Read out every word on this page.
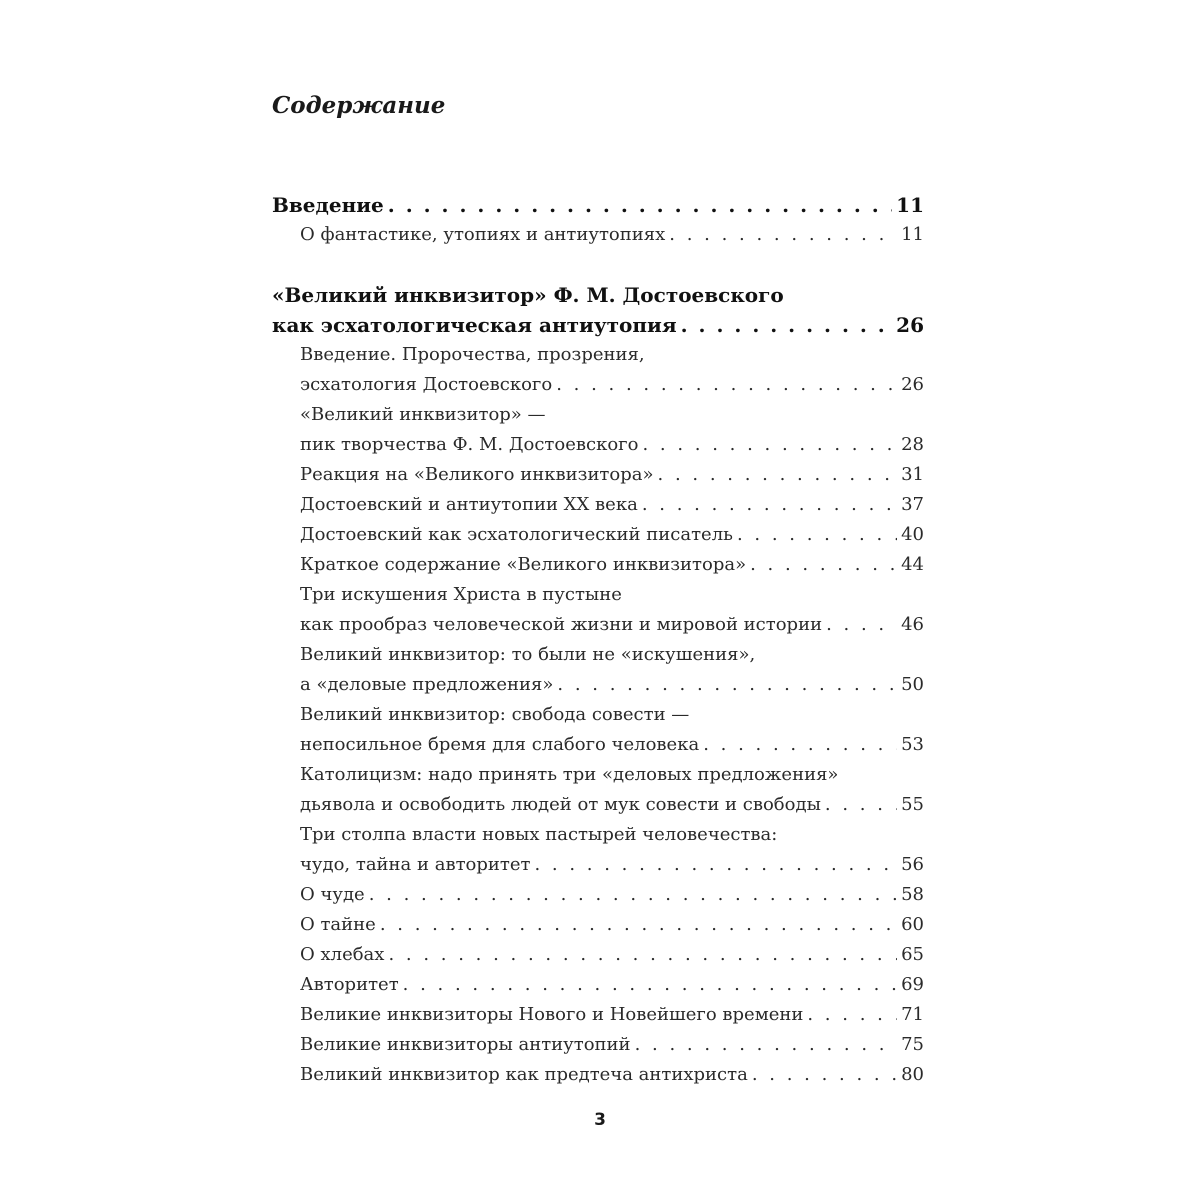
Содержание
Введение . . .	11
О фантастике, утопиях и антиутопиях . . .	11
«Великий инквизитор» Ф. М. Достоевского
как эсхатологическая антиутопия . . .	26
Введение. Пророчества, прозрения,
эсхатология Достоевского . . .	26
«Великий инквизитор» —
пик творчества Ф. М. Достоевского . . .	28
Реакция на «Великого инквизитора» . . .	31
Достоевский и антиутопии XX века . . .	37
Достоевский как эсхатологический писатель . . .	40
Краткое содержание «Великого инквизитора» . . .	44
Три искушения Христа в пустыне
как прообраз человеческой жизни и мировой истории . . .	46
Великий инквизитор: то были не «искушения»,
а «деловые предложения» . . .	50
Великий инквизитор: свобода совести —
непосильное бремя для слабого человека . . .	53
Католицизм: надо принять три «деловых предложения»
дьявола и освободить людей от мук совести и свободы . . .	55
Три столпа власти новых пастырей человечества:
чудо, тайна и авторитет . . .	56
О чуде . . .	58
О тайне . . .	60
О хлебах . . .	65
Авторитет . . .	69
Великие инквизиторы Нового и Новейшего времени . . .	71
Великие инквизиторы антиутопий . . .	75
Великий инквизитор как предтеча антихриста . . .	80
3
